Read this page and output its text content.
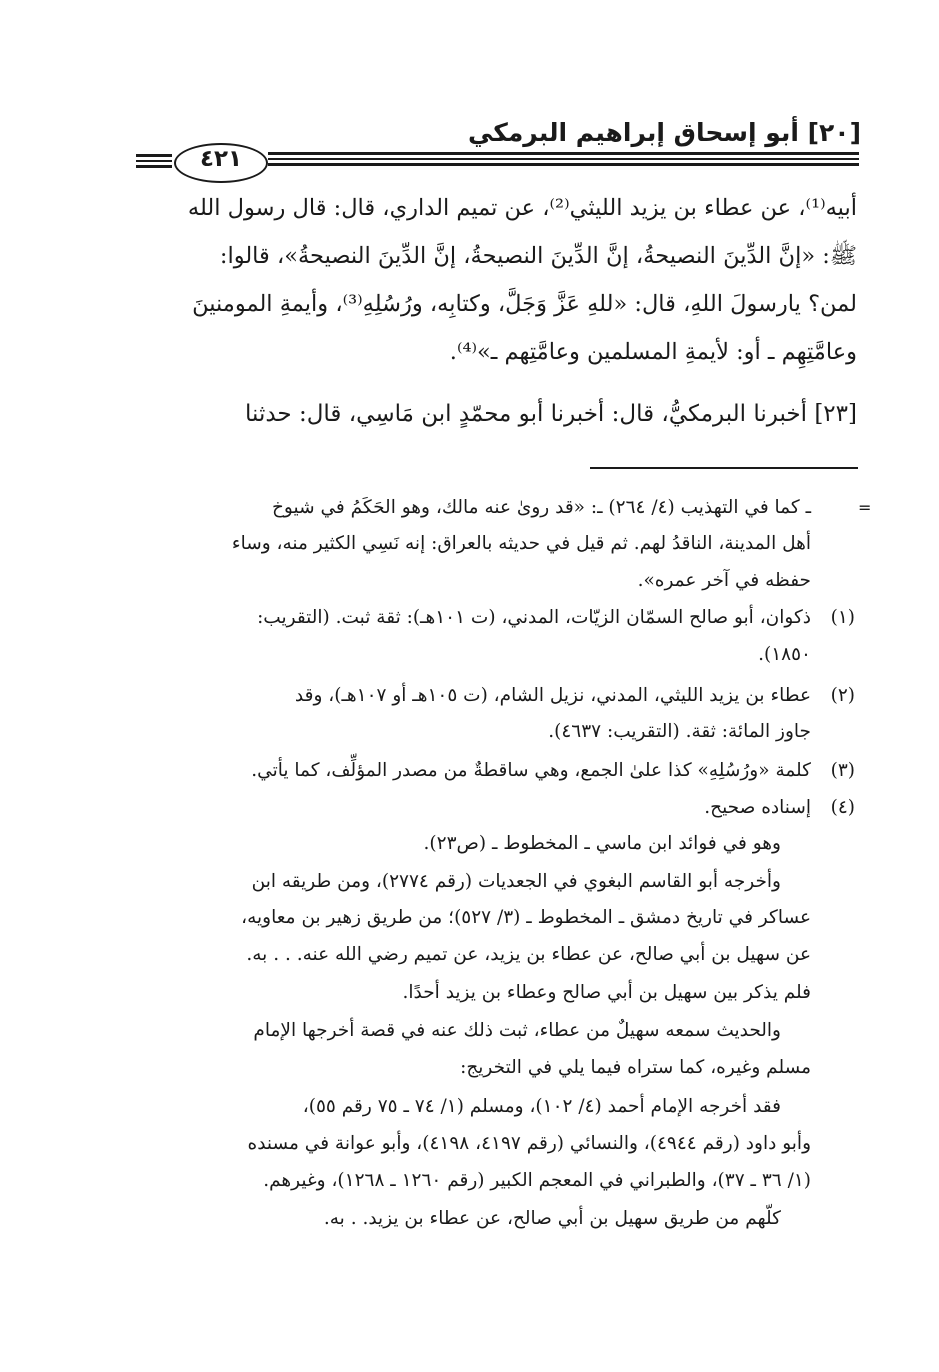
[٢٠] أبو إسحاق إبراهيم البرمكي
٤٢١
أبيه⁽¹⁾، عن عطاء بن يزيد الليثي⁽²⁾، عن تميم الداري، قال: قال رسول الله
ﷺ: «إنَّ الدِّينَ النصيحةُ، إنَّ الدِّينَ النصيحةُ، إنَّ الدِّينَ النصيحةُ»، قالوا:
لمن؟ يارسولَ اللهِ، قال: «للهِ عَزَّ وَجَلَّ، وكتابِه، ورُسُلِهِ⁽³⁾، وأيمةِ المومنينَ
وعامَّتِهِم ـ أو: لأيمةِ المسلمين وعامَّتِهم ـ»⁽⁴⁾.
[٢٣] أخبرنا البرمكيُّ، قال: أخبرنا أبو محمّدٍ ابن مَاسِي، قال: حدثنا
=
ـ كما في التهذيب (٤/ ٢٦٤) ـ: «قد روىٰ عنه مالك، وهو الحَكَمُ في شيوخ
أهل المدينة، الناقدُ لهم. ثم قيل في حديثه بالعراق: إنه نَسِي الكثير منه، وساء
حفظه في آخر عمره».
(١)
ذكوان، أبو صالح السمّان الزيّات، المدني، (ت ١٠١هـ): ثقة ثبت. (التقريب:
١٨٥٠).
(٢)
عطاء بن يزيد الليثي، المدني، نزيل الشام، (ت ١٠٥هـ أو ١٠٧هـ)، وقد
جاوز المائة: ثقة. (التقريب: ٤٦٣٧).
(٣)
كلمة «ورُسُلِهِ» كذا علىٰ الجمع، وهي ساقطةٌ من مصدر المؤلِّف، كما يأتي.
(٤)
إسناده صحيح.
وهو في فوائد ابن ماسي ـ المخطوط ـ (ص٢٣).
وأخرجه أبو القاسم البغوي في الجعديات (رقم ٢٧٧٤)، ومن طريقه ابن
عساكر في تاريخ دمشق ـ المخطوط ـ (٣/ ٥٢٧)؛ من طريق زهير بن معاويه،
عن سهيل بن أبي صالح، عن عطاء بن يزيد، عن تميم رضي الله عنه. . . به.
فلم يذكر بين سهيل بن أبي صالح وعطاء بن يزيد أحدًا.
والحديث سمعه سهيلٌ من عطاء، ثبت ذلك عنه في قصة أخرجها الإمام
مسلم وغيره، كما ستراه فيما يلي في التخريج:
فقد أخرجه الإمام أحمد (٤/ ١٠٢)، ومسلم (١/ ٧٤ ـ ٧٥ رقم ٥٥)،
وأبو داود (رقم ٤٩٤٤)، والنسائي (رقم ٤١٩٧، ٤١٩٨)، وأبو عوانة في مسنده
(١/ ٣٦ ـ ٣٧)، والطبراني في المعجم الكبير (رقم ١٢٦٠ ـ ١٢٦٨)، وغيرهم.
كلّهم من طريق سهيل بن أبي صالح، عن عطاء بن يزيد. . به.
